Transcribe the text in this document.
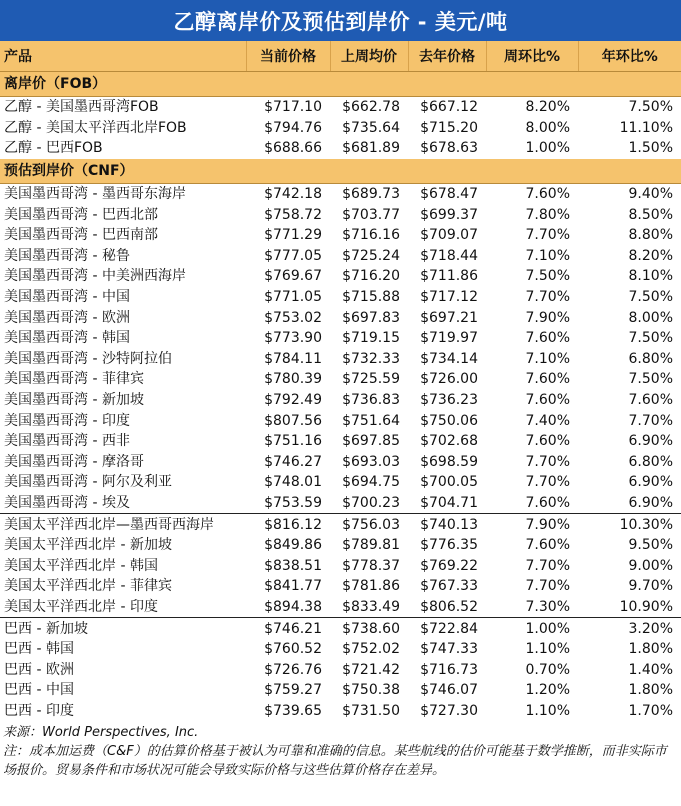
乙醇离岸价及预估到岸价 - 美元/吨
产品	当前价格	上周均价	去年价格	周环比%	年环比%
离岸价（FOB）					
乙醇 - 美国墨西哥湾FOB	$717.10	$662.78	$667.12	8.20%	7.50%
乙醇 - 美国太平洋西北岸FOB	$794.76	$735.64	$715.20	8.00%	11.10%
乙醇 - 巴西FOB	$688.66	$681.89	$678.63	1.00%	1.50%
预估到岸价（CNF）					
美国墨西哥湾 - 墨西哥东海岸	$742.18	$689.73	$678.47	7.60%	9.40%
美国墨西哥湾 - 巴西北部	$758.72	$703.77	$699.37	7.80%	8.50%
美国墨西哥湾 - 巴西南部	$771.29	$716.16	$709.07	7.70%	8.80%
美国墨西哥湾 - 秘鲁	$777.05	$725.24	$718.44	7.10%	8.20%
美国墨西哥湾 - 中美洲西海岸	$769.67	$716.20	$711.86	7.50%	8.10%
美国墨西哥湾 - 中国	$771.05	$715.88	$717.12	7.70%	7.50%
美国墨西哥湾 - 欧洲	$753.02	$697.83	$697.21	7.90%	8.00%
美国墨西哥湾 - 韩国	$773.90	$719.15	$719.97	7.60%	7.50%
美国墨西哥湾 - 沙特阿拉伯	$784.11	$732.33	$734.14	7.10%	6.80%
美国墨西哥湾 - 菲律宾	$780.39	$725.59	$726.00	7.60%	7.50%
美国墨西哥湾 - 新加坡	$792.49	$736.83	$736.23	7.60%	7.60%
美国墨西哥湾 - 印度	$807.56	$751.64	$750.06	7.40%	7.70%
美国墨西哥湾 - 西非	$751.16	$697.85	$702.68	7.60%	6.90%
美国墨西哥湾 - 摩洛哥	$746.27	$693.03	$698.59	7.70%	6.80%
美国墨西哥湾 - 阿尔及利亚	$748.01	$694.75	$700.05	7.70%	6.90%
美国墨西哥湾 - 埃及	$753.59	$700.23	$704.71	7.60%	6.90%
美国太平洋西北岸—墨西哥西海岸	$816.12	$756.03	$740.13	7.90%	10.30%
美国太平洋西北岸 - 新加坡	$849.86	$789.81	$776.35	7.60%	9.50%
美国太平洋西北岸 - 韩国	$838.51	$778.37	$769.22	7.70%	9.00%
美国太平洋西北岸 - 菲律宾	$841.77	$781.86	$767.33	7.70%	9.70%
美国太平洋西北岸 - 印度	$894.38	$833.49	$806.52	7.30%	10.90%
巴西 - 新加坡	$746.21	$738.60	$722.84	1.00%	3.20%
巴西 - 韩国	$760.52	$752.02	$747.33	1.10%	1.80%
巴西 - 欧洲	$726.76	$721.42	$716.73	0.70%	1.40%
巴西 - 中国	$759.27	$750.38	$746.07	1.20%	1.80%
巴西 - 印度	$739.65	$731.50	$727.30	1.10%	1.70%
来源：World Perspectives, Inc.
注：成本加运费（C&F）的估算价格基于被认为可靠和准确的信息。某些航线的估价可能基于数学推断，而非实际市场报价。贸易条件和市场状况可能会导致实际价格与这些估算价格存在差异。
